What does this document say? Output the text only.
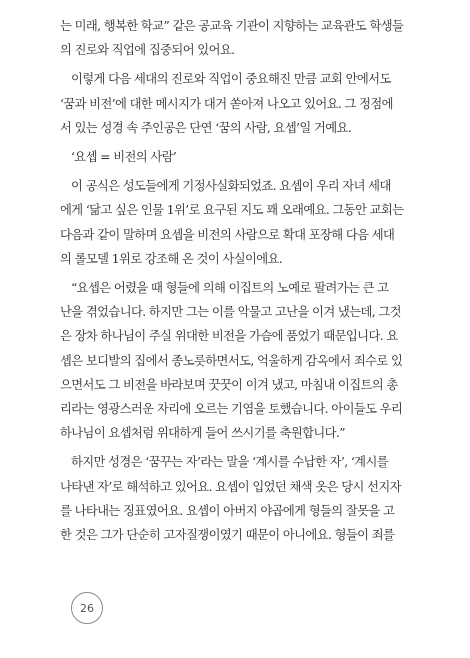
는 미래, 행복한 학교” 같은 공교육 기관이 지향하는 교육관도 학생들
의 진로와 직업에 집중되어 있어요.

이렇게 다음 세대의 진로와 직업이 중요해진 만큼 교회 안에서도
‘꿈과 비전’에 대한 메시지가 대거 쏟아져 나오고 있어요. 그 정점에
서 있는 성경 속 주인공은 단연 ‘꿈의 사람, 요셉’일 거예요.

‘요셉 = 비전의 사람’

이 공식은 성도들에게 기정사실화되었죠. 요셉이 우리 자녀 세대
에게 ‘닮고 싶은 인물 1위’로 요구된 지도 꽤 오래예요. 그동안 교회는
다음과 같이 말하며 요셉을 비전의 사람으로 확대 포장해 다음 세대
의 롤모델 1위로 강조해 온 것이 사실이에요.

“요셉은 어렸을 때 형들에 의해 이집트의 노예로 팔려가는 큰 고
난을 겪었습니다. 하지만 그는 이를 악물고 고난을 이겨 냈는데, 그것
은 장차 하나님이 주실 위대한 비전을 가슴에 품었기 때문입니다. 요
셉은 보디발의 집에서 종노릇하면서도, 억울하게 감옥에서 죄수로 있
으면서도 그 비전을 바라보며 꿋꿋이 이겨 냈고, 마침내 이집트의 총
리라는 영광스러운 자리에 오르는 기염을 토했습니다. 아이들도 우리
하나님이 요셉처럼 위대하게 들어 쓰시기를 축원합니다.”

하지만 성경은 ‘꿈꾸는 자’라는 말을 ‘계시를 수납한 자’, ‘계시를
나타낸 자’로 해석하고 있어요. 요셉이 입었던 채색 옷은 당시 선지자
를 나타내는 징표였어요. 요셉이 아버지 야곱에게 형들의 잘못을 고
한 것은 그가 단순히 고자질쟁이였기 때문이 아니에요. 형들이 죄를

26
